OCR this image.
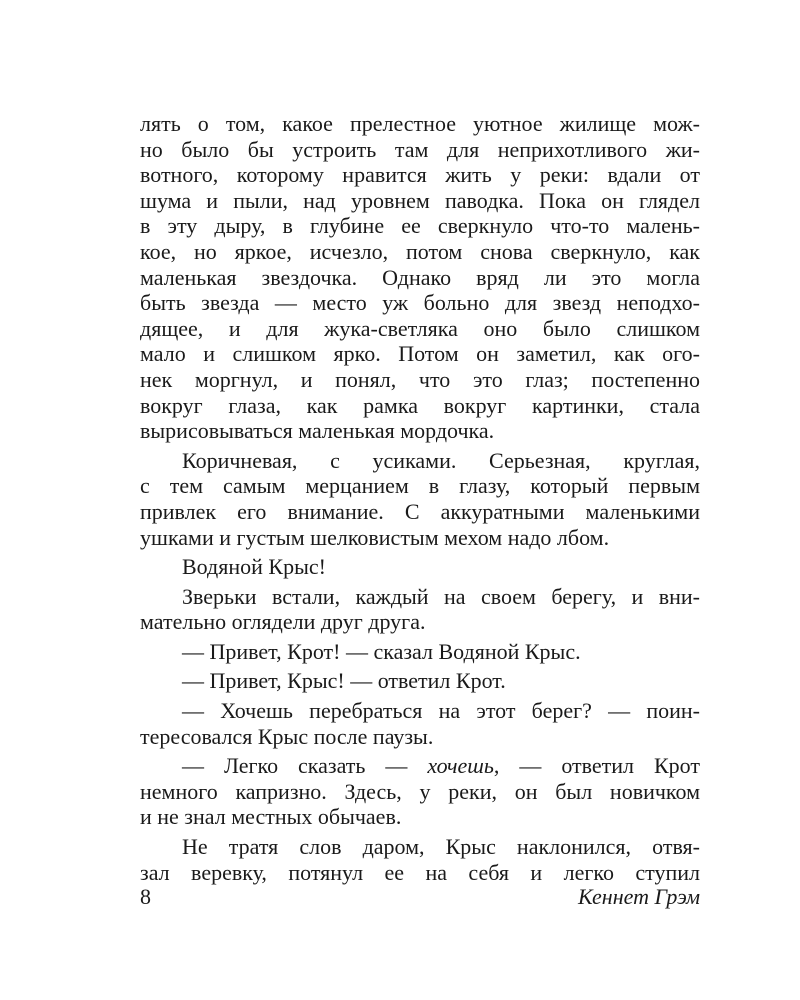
лять о том, какое прелестное уютное жилище мож-
но было бы устроить там для неприхотливого жи-
вотного, которому нравится жить у реки: вдали от
шума и пыли, над уровнем паводка. Пока он глядел
в эту дыру, в глубине ее сверкнуло что-то малень-
кое, но яркое, исчезло, потом снова сверкнуло, как
маленькая звездочка. Однако вряд ли это могла
быть звезда — место уж больно для звезд неподхо-
дящее, и для жука-светляка оно было слишком
мало и слишком ярко. Потом он заметил, как ого-
нек моргнул, и понял, что это глаз; постепенно
вокруг глаза, как рамка вокруг картинки, стала
вырисовываться маленькая мордочка.
Коричневая, с усиками. Серьезная, круглая,
с тем самым мерцанием в глазу, который первым
привлек его внимание. С аккуратными маленькими
ушками и густым шелковистым мехом надо лбом.
Водяной Крыс!
Зверьки встали, каждый на своем берегу, и вни-
мательно оглядели друг друга.
— Привет, Крот! — сказал Водяной Крыс.
— Привет, Крыс! — ответил Крот.
— Хочешь перебраться на этот берег? — поин-
тересовался Крыс после паузы.
— Легко сказать — хочешь, — ответил Крот
немного капризно. Здесь, у реки, он был новичком
и не знал местных обычаев.
Не тратя слов даром, Крыс наклонился, отвя-
зал веревку, потянул ее на себя и легко ступил
8	Кеннет Грэм
